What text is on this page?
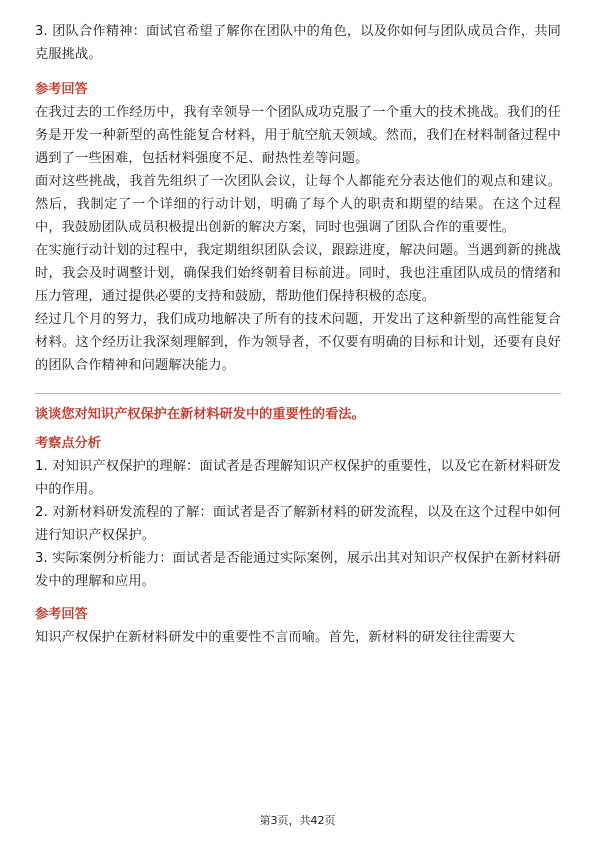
3. 团队合作精神：面试官希望了解你在团队中的角色，以及你如何与团队成员合作，共同克服挑战。

参考回答

在我过去的工作经历中，我有幸领导一个团队成功克服了一个重大的技术挑战。我们的任务是开发一种新型的高性能复合材料，用于航空航天领域。然而，我们在材料制备过程中遇到了一些困难，包括材料强度不足、耐热性差等问题。

面对这些挑战，我首先组织了一次团队会议，让每个人都能充分表达他们的观点和建议。然后，我制定了一个详细的行动计划，明确了每个人的职责和期望的结果。在这个过程中，我鼓励团队成员积极提出创新的解决方案，同时也强调了团队合作的重要性。

在实施行动计划的过程中，我定期组织团队会议，跟踪进度，解决问题。当遇到新的挑战时，我会及时调整计划，确保我们始终朝着目标前进。同时，我也注重团队成员的情绪和压力管理，通过提供必要的支持和鼓励，帮助他们保持积极的态度。

经过几个月的努力，我们成功地解决了所有的技术问题，开发出了这种新型的高性能复合材料。这个经历让我深刻理解到，作为领导者，不仅要有明确的目标和计划，还要有良好的团队合作精神和问题解决能力。

谈谈您对知识产权保护在新材料研发中的重要性的看法。

考察点分析

1. 对知识产权保护的理解：面试者是否理解知识产权保护的重要性，以及它在新材料研发中的作用。

2. 对新材料研发流程的了解：面试者是否了解新材料的研发流程，以及在这个过程中如何进行知识产权保护。

3. 实际案例分析能力：面试者是否能通过实际案例，展示出其对知识产权保护在新材料研发中的理解和应用。

参考回答

知识产权保护在新材料研发中的重要性不言而喻。首先，新材料的研发往往需要大

第3页，共42页
